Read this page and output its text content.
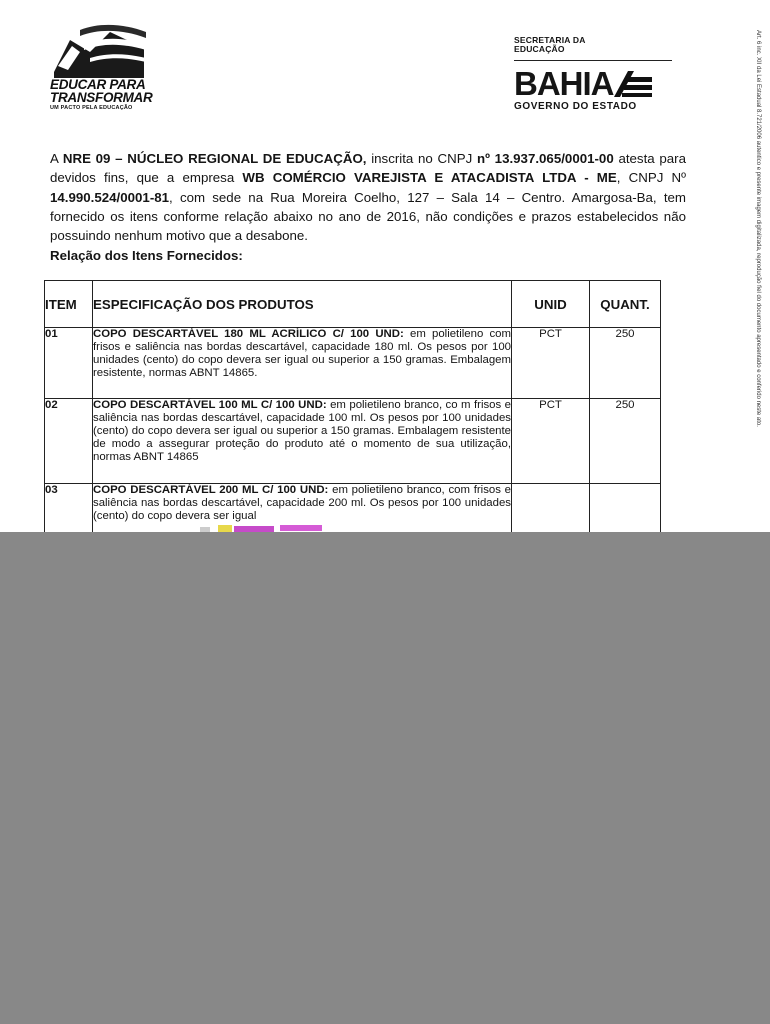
EDUCAR PARA
TRANSFORMAR
UM PACTO PELA EDUCAÇÃO
SECRETARIA DA
EDUCAÇÃO
BAHIA
GOVERNO DO ESTADO	Art. 6 inc. XII da Lei Estadual 8.721/2006 autentico e presente imagem digitalizada, reprodução fiel do documento apresentado e conferido neste ato.
A NRE 09 – NÚCLEO REGIONAL DE EDUCAÇÃO, inscrita no CNPJ nº 13.937.065/0001-00 atesta para devidos fins, que a empresa WB COMÉRCIO VAREJISTA E ATACADISTA LTDA - ME, CNPJ Nº 14.990.524/0001-81, com sede na Rua Moreira Coelho, 127 – Sala 14 – Centro. Amargosa-Ba, tem fornecido os itens conforme relação abaixo no ano de 2016, não condições e prazos estabelecidos não possuindo nenhum motivo que a desabone.
Relação dos Itens Fornecidos:
ITEM	ESPECIFICAÇÃO DOS PRODUTOS	UNID	QUANT.
01	COPO DESCARTÁVEL 180 ML ACRÍLICO C/ 100 UND: em polietileno com frisos e saliência nas bordas descartável, capacidade 180 ml. Os pesos por 100 unidades (cento) do copo devera ser igual ou superior a 150 gramas. Embalagem resistente, normas ABNT 14865.	PCT	250
02	COPO DESCARTÁVEL 100 ML C/ 100 UND: em polietileno branco, co m frisos e saliência nas bordas descartável, capacidade 100 ml. Os pesos por 100 unidades (cento) do copo devera ser igual ou superior a 150 gramas. Embalagem resistente de modo a assegurar proteção do produto até o momento de sua utilização, normas ABNT 14865	PCT	250
03	COPO DESCARTÁVEL 200 ML C/ 100 UND: em polietileno branco, com frisos e saliência nas bordas descartável, capacidade 200 ml. Os pesos por 100 unidades (cento) do copo devera ser igual		
